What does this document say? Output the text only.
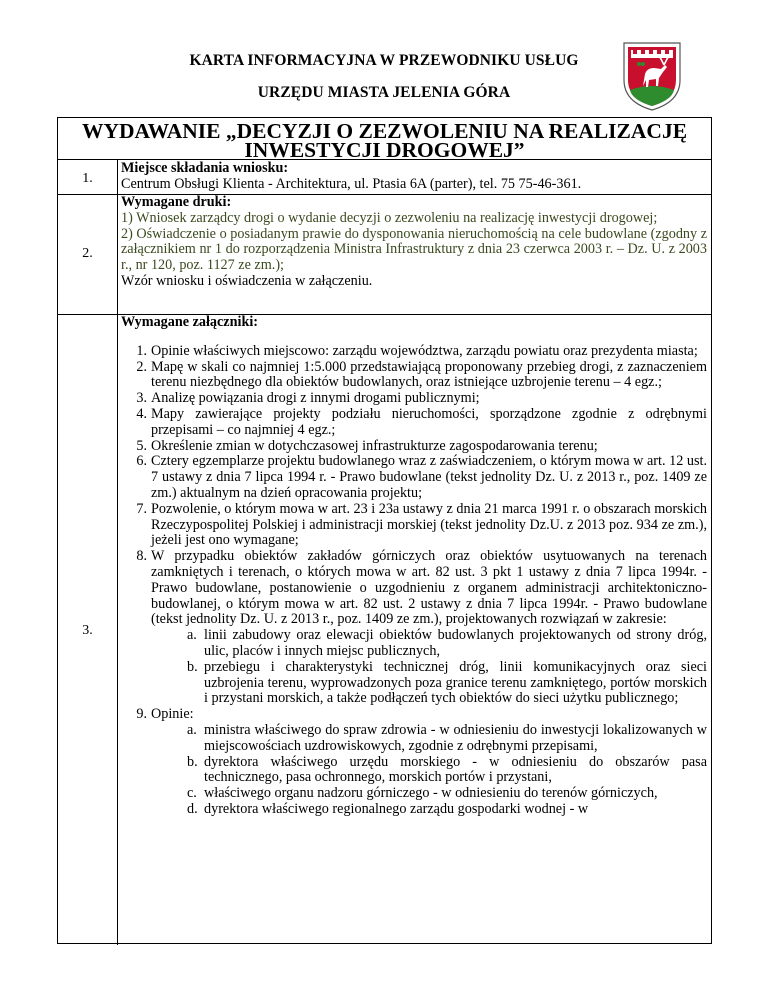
KARTA INFORMACYJNA W PRZEWODNIKU USŁUG
URZĘDU MIASTA JELENIA GÓRA
WYDAWANIE „DECYZJI O ZEZWOLENIU NA REALIZACJĘ
INWESTYCJI DROGOWEJ”
1.
Miejsce składania wniosku:
Centrum Obsługi Klienta - Architektura, ul. Ptasia 6A (parter), tel. 75 75-46-361.
2.
Wymagane druki:
1) Wniosek zarządcy drogi o wydanie decyzji o zezwoleniu na realizację inwestycji drogowej;
2) Oświadczenie o posiadanym prawie do dysponowania nieruchomością na cele budowlane (zgodny z załącznikiem nr 1 do rozporządzenia Ministra Infrastruktury z dnia 23 czerwca 2003 r. – Dz. U. z 2003 r., nr 120, poz. 1127 ze zm.);
Wzór wniosku i oświadczenia w załączeniu.
3.
Wymagane załączniki:
1. Opinie właściwych miejscowo: zarządu województwa, zarządu powiatu oraz prezydenta miasta;
2. Mapę w skali co najmniej 1:5.000 przedstawiającą proponowany przebieg drogi, z zaznaczeniem terenu niezbędnego dla obiektów budowlanych, oraz istniejące uzbrojenie terenu – 4 egz.;
3. Analizę powiązania drogi z innymi drogami publicznymi;
4. Mapy zawierające projekty podziału nieruchomości, sporządzone zgodnie z odrębnymi przepisami – co najmniej 4 egz.;
5. Określenie zmian w dotychczasowej infrastrukturze zagospodarowania terenu;
6. Cztery egzemplarze projektu budowlanego wraz z zaświadczeniem, o którym mowa w art. 12 ust. 7 ustawy z dnia 7 lipca 1994 r. - Prawo budowlane (tekst jednolity Dz. U. z 2013 r., poz. 1409 ze zm.) aktualnym na dzień opracowania projektu;
7. Pozwolenie, o którym mowa w art. 23 i 23a ustawy z dnia 21 marca 1991 r. o obszarach morskich Rzeczypospolitej Polskiej i administracji morskiej (tekst jednolity Dz.U. z 2013 poz. 934 ze zm.), jeżeli jest ono wymagane;
8. W przypadku obiektów zakładów górniczych oraz obiektów usytuowanych na terenach zamkniętych i terenach, o których mowa w art. 82 ust. 3 pkt 1 ustawy z dnia 7 lipca 1994r. - Prawo budowlane, postanowienie o uzgodnieniu z organem administracji architektoniczno-budowlanej, o którym mowa w art. 82 ust. 2 ustawy z dnia 7 lipca 1994r. - Prawo budowlane (tekst jednolity Dz. U. z 2013 r., poz. 1409 ze zm.), projektowanych rozwiązań w zakresie:
a. linii zabudowy oraz elewacji obiektów budowlanych projektowanych od strony dróg, ulic, placów i innych miejsc publicznych,
b. przebiegu i charakterystyki technicznej dróg, linii komunikacyjnych oraz sieci uzbrojenia terenu, wyprowadzonych poza granice terenu zamkniętego, portów morskich i przystani morskich, a także podłączeń tych obiektów do sieci użytku publicznego;
9. Opinie:
a. ministra właściwego do spraw zdrowia - w odniesieniu do inwestycji lokalizowanych w miejscowościach uzdrowiskowych, zgodnie z odrębnymi przepisami,
b. dyrektora właściwego urzędu morskiego - w odniesieniu do obszarów pasa technicznego, pasa ochronnego, morskich portów i przystani,
c. właściwego organu nadzoru górniczego - w odniesieniu do terenów górniczych,
d. dyrektora właściwego regionalnego zarządu gospodarki wodnej - w
